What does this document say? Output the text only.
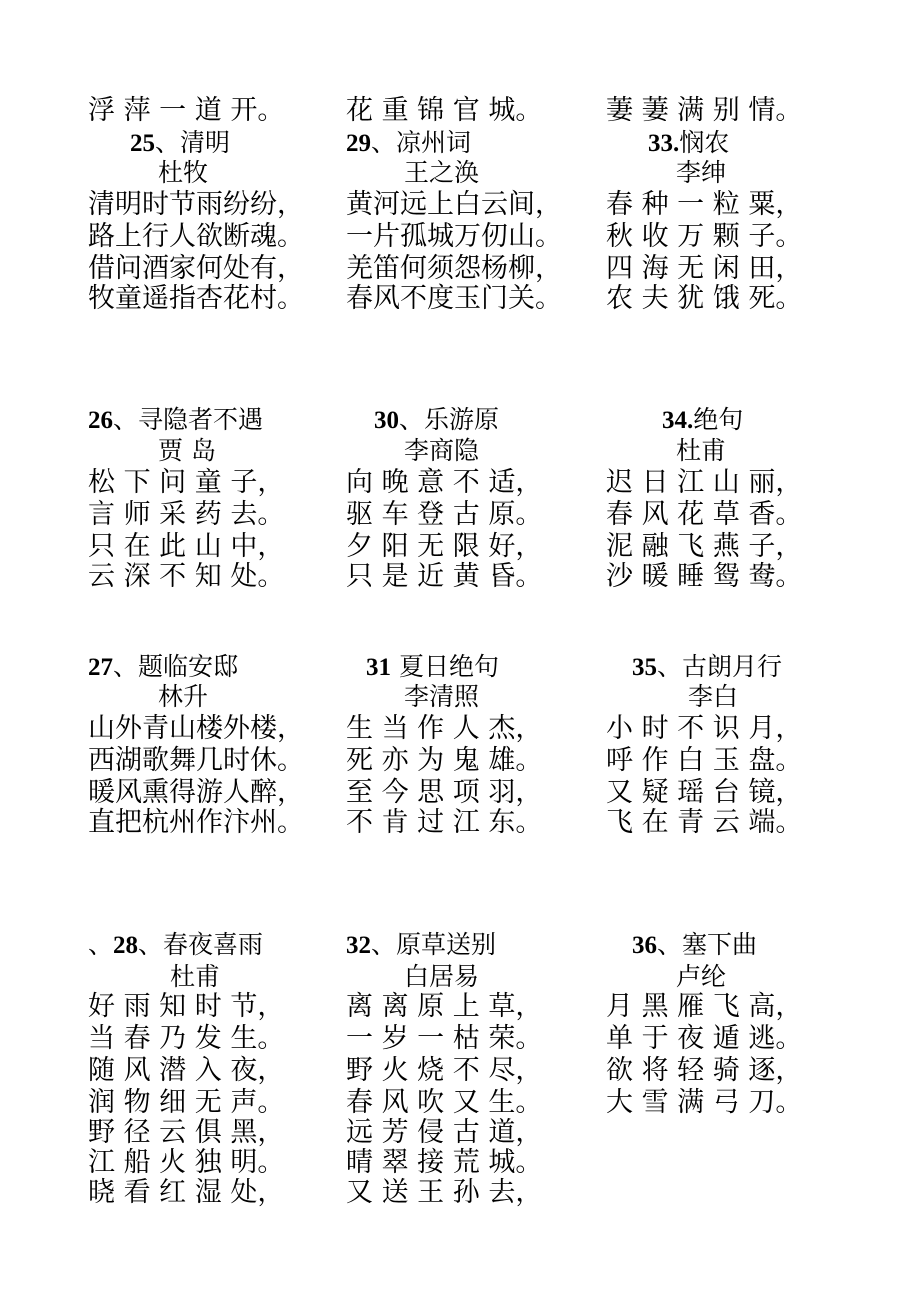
浮 萍 一 道 开。 花 重 锦 官 城。 萋 萋 满 别 情。
25、清明
杜牧
清明时节雨纷纷，
路上行人欲断魂。
借问酒家何处有，
牧童遥指杏花村。
29、凉州词
王之涣
黄河远上白云间，
一片孤城万仞山。
羌笛何须怨杨柳，
春风不度玉门关。
33.悯农
李绅
春 种 一 粒 粟，
秋 收 万 颗 子。
四 海 无 闲 田，
农 夫 犹 饿 死。
26、寻隐者不遇
贾 岛
松 下 问 童 子，
言 师 采 药 去。
只 在 此 山 中，
云 深 不 知 处。
30、乐游原
李商隐
向 晚 意 不 适，
驱 车 登 古 原。
夕 阳 无 限 好，
只 是 近 黄 昏。
34.绝句
杜甫
迟 日 江 山 丽，
春 风 花 草 香。
泥 融 飞 燕 子，
沙 暖 睡 鸳 鸯。
27、题临安邸
林升
山外青山楼外楼，
西湖歌舞几时休。
暖风熏得游人醉，
直把杭州作汴州。
31 夏日绝句
李清照
生 当 作 人 杰，
死 亦 为 鬼 雄。
至 今 思 项 羽，
不 肯 过 江 东。
35、古朗月行
李白
小 时 不 识 月，
呼 作 白 玉 盘。
又 疑 瑶 台 镜，
飞 在 青 云 端。
、28、春夜喜雨
杜甫
好 雨 知 时 节，
当 春 乃 发 生。
随 风 潜 入 夜，
润 物 细 无 声。
野 径 云 俱 黑，
江 船 火 独 明。
晓 看 红 湿 处，
32、原草送别
白居易
离 离 原 上 草，
一 岁 一 枯 荣。
野 火 烧 不 尽，
春 风 吹 又 生。
远 芳 侵 古 道，
晴 翠 接 荒 城。
又 送 王 孙 去，
36、塞下曲
卢纶
月 黑 雁 飞 高，
单 于 夜 遁 逃。
欲 将 轻 骑 逐，
大 雪 满 弓 刀。
